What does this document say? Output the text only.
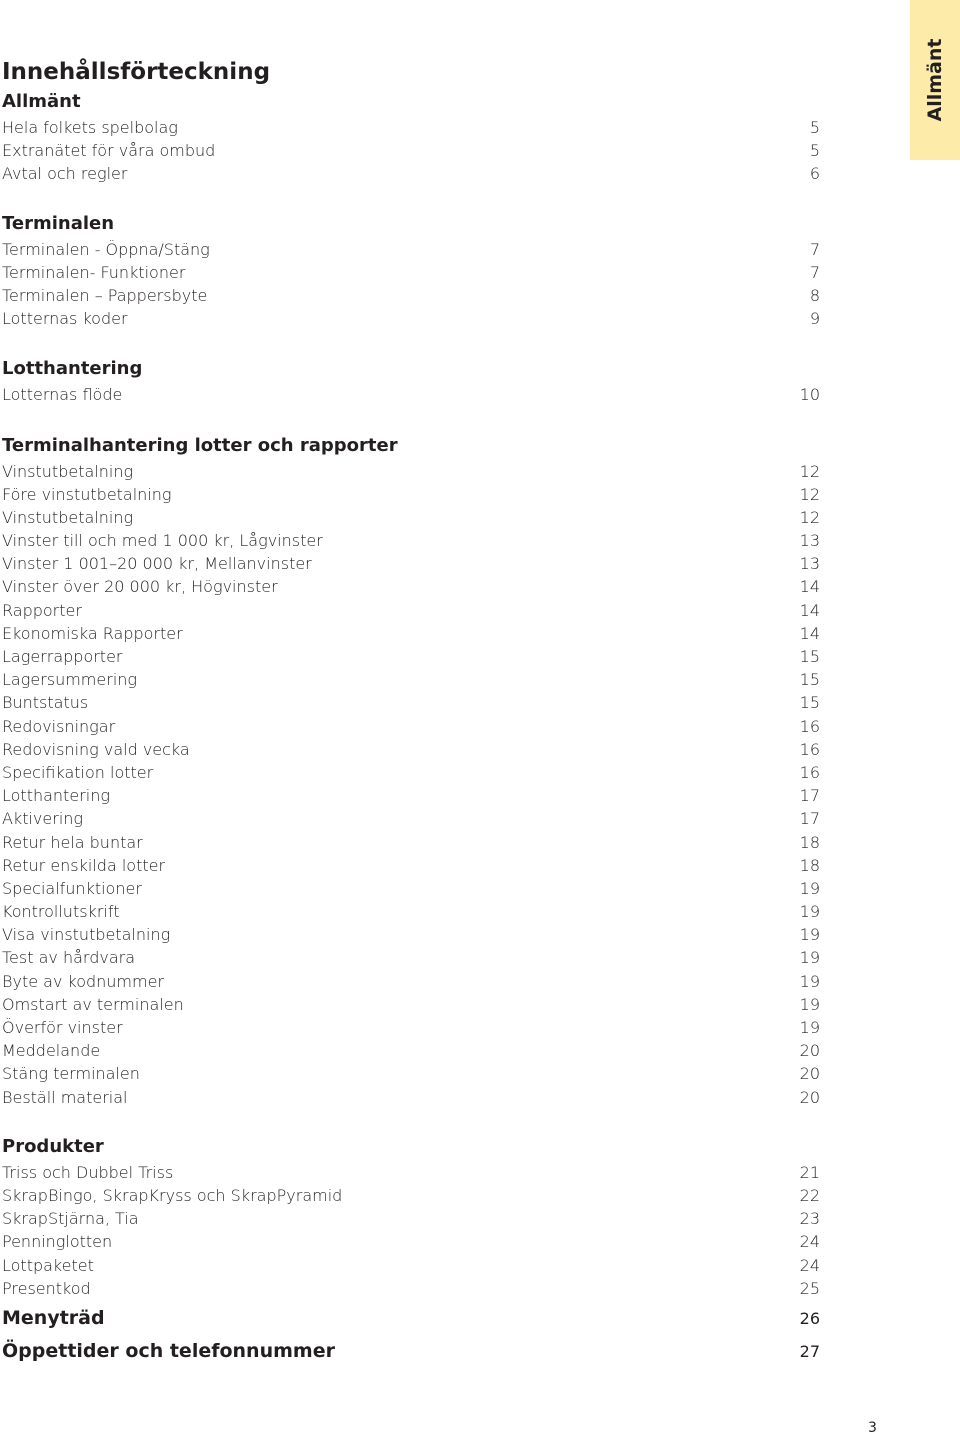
Allmänt
Innehållsförteckning
Allmänt
Hela folkets spelbolag	5
Extranätet för våra ombud	5
Avtal och regler	6
Terminalen
Terminalen - Öppna/Stäng	7
Terminalen- Funktioner	7
Terminalen – Pappersbyte	8
Lotternas koder	9
Lotthantering
Lotternas flöde	10
Terminalhantering lotter och rapporter
Vinstutbetalning	12
Före vinstutbetalning	12
Vinstutbetalning	12
Vinster till och med 1 000 kr, Lågvinster	13
Vinster 1 001–20 000 kr, Mellanvinster	13
Vinster över 20 000 kr, Högvinster	14
Rapporter	14
Ekonomiska Rapporter	14
Lagerrapporter	15
Lagersummering	15
Buntstatus	15
Redovisningar	16
Redovisning vald vecka	16
Specifikation lotter	16
Lotthantering	17
Aktivering	17
Retur hela buntar	18
Retur enskilda lotter	18
Specialfunktioner	19
Kontrollutskrift	19
Visa vinstutbetalning	19
Test av hårdvara	19
Byte av kodnummer	19
Omstart av terminalen	19
Överför vinster	19
Meddelande	20
Stäng terminalen	20
Beställ material	20
Produkter
Triss och Dubbel Triss	21
SkrapBingo, SkrapKryss och SkrapPyramid	22
SkrapStjärna, Tia	23
Penninglotten	24
Lottpaketet	24
Presentkod	25
Menyträd	26
Öppettider och telefonnummer	27
3
